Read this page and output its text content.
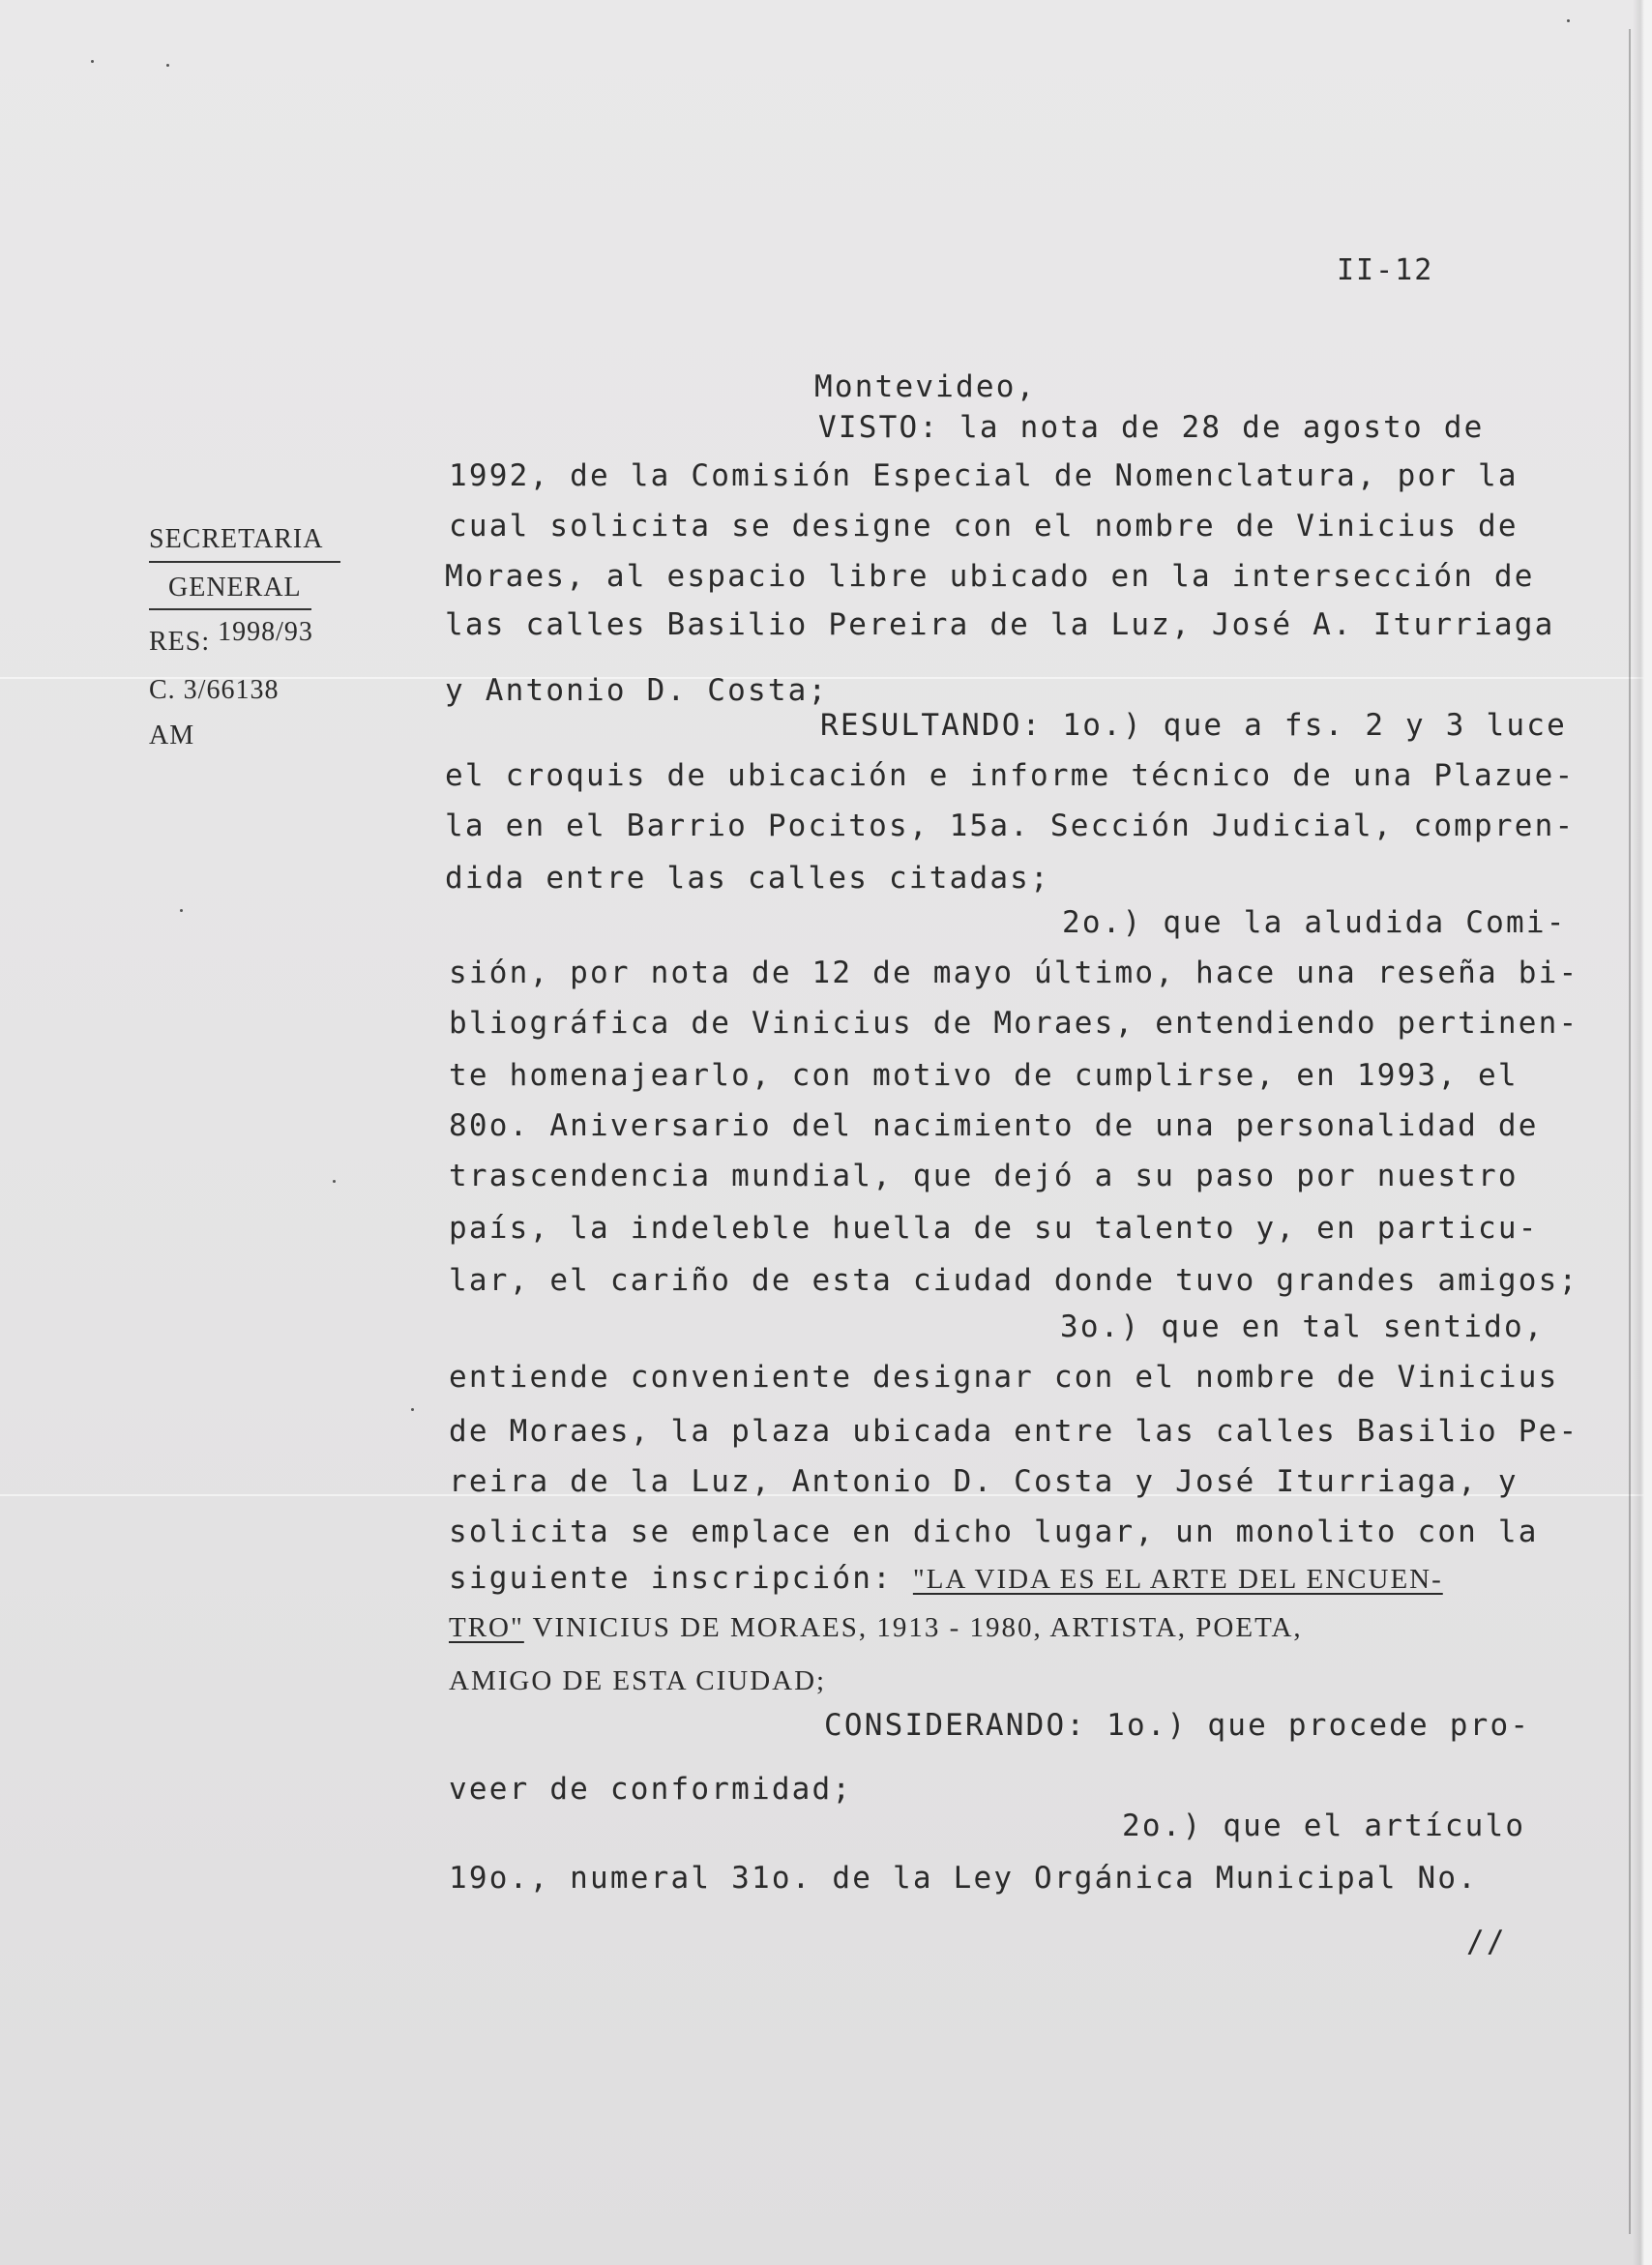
II-12
SECRETARIA
GENERAL
RES: 1998/93
C. 3/66138
AM
Montevideo,
VISTO: la nota de 28 de agosto de
1992, de la Comisión Especial de Nomenclatura, por la
cual solicita se designe con el nombre de Vinicius de
Moraes, al espacio libre ubicado en la intersección de
las calles Basilio Pereira de la Luz, José A. Iturriaga
y Antonio D. Costa;
RESULTANDO: 1o.) que a fs. 2 y 3 luce
el croquis de ubicación e informe técnico de una Plazue-
la en el Barrio Pocitos, 15a. Sección Judicial, compren-
dida entre las calles citadas;
2o.) que la aludida Comi-
sión, por nota de 12 de mayo último, hace una reseña bi-
bliográfica de Vinicius de Moraes, entendiendo pertinen-
te homenajearlo, con motivo de cumplirse, en 1993, el
80o. Aniversario del nacimiento de una personalidad de
trascendencia mundial, que dejó a su paso por nuestro
país, la indeleble huella de su talento y, en particu-
lar, el cariño de esta ciudad donde tuvo grandes amigos;
3o.) que en tal sentido,
entiende conveniente designar con el nombre de Vinicius
de Moraes, la plaza ubicada entre las calles Basilio Pe-
reira de la Luz, Antonio D. Costa y José Iturriaga, y
solicita se emplace en dicho lugar, un monolito con la
siguiente inscripción: "LA VIDA ES EL ARTE DEL ENCUEN-
TRO" VINICIUS DE MORAES, 1913 - 1980, ARTISTA, POETA,
AMIGO DE ESTA CIUDAD;
CONSIDERANDO: 1o.) que procede pro-
veer de conformidad;
2o.) que el artículo
19o., numeral 31o. de la Ley Orgánica Municipal No.
//
